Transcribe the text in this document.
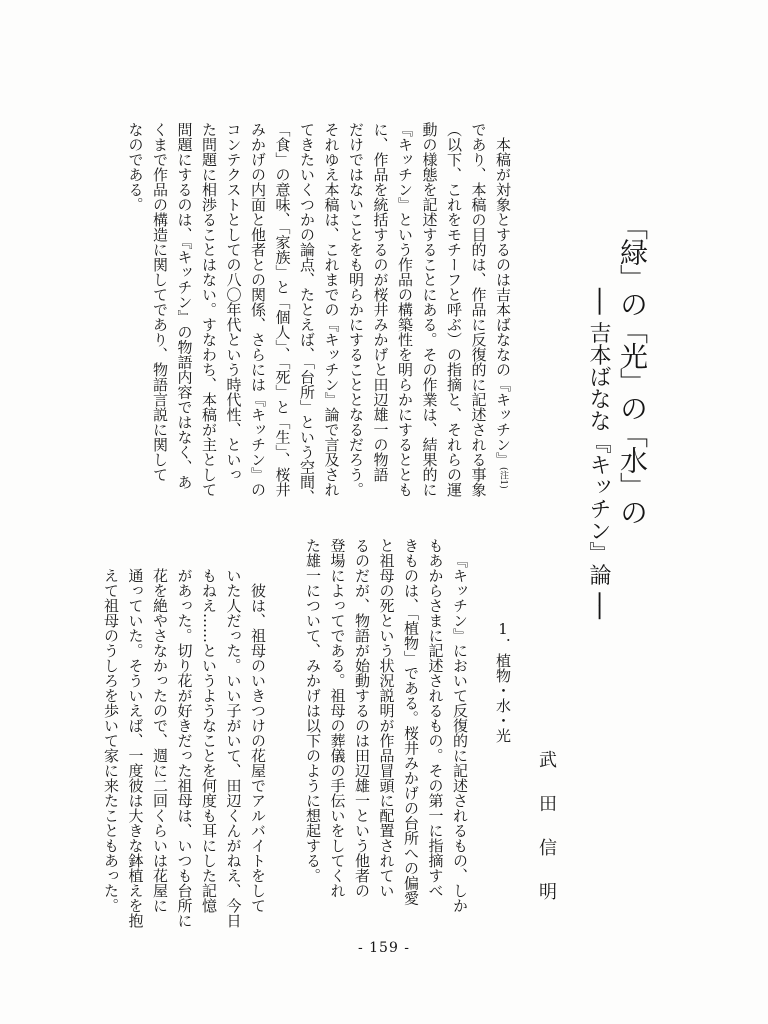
「緑」の「光」の「水」の
── 吉本ばなな『キッチン』論 ──
武田信明
本稿が対象とするのは吉本ばななの『キッチン』(注1)
であり、本稿の目的は、作品に反復的に記述される事象
（以下、これをモチーフと呼ぶ）の指摘と、それらの運
動の様態を記述することにある。その作業は、結果的に
『キッチン』という作品の構築性を明らかにするととも
に、作品を統括するのが桜井みかげと田辺雄一の物語
だけではないことをも明らかにすることとなるだろう。
それゆえ本稿は、これまでの『キッチン』論で言及され
てきたいくつかの論点、たとえば、「台所」という空間、
「食」の意味、「家族」と「個人」、「死」と「生」、桜井
みかげの内面と他者との関係、さらには『キッチン』の
コンテクストとしての八〇年代という時代性、といっ
た問題に相渉ることはない。すなわち、本稿が主として
問題にするのは、『キッチン』の物語内容ではなく、あ
くまで作品の構造に関してであり、物語言説に関して
なのである。
1．植物・水・光
『キッチン』において反復的に記述されるもの、しか
もあからさまに記述されるもの。その第一に指摘すべ
きものは、「植物」である。桜井みかげの台所への偏愛
と祖母の死という状況説明が作品冒頭に配置されてい
るのだが、物語が始動するのは田辺雄一という他者の
登場によってである。祖母の葬儀の手伝いをしてくれ
た雄一について、みかげは以下のように想起する。
彼は、祖母のいきつけの花屋でアルバイトをして
いた人だった。いい子がいて、田辺くんがねえ、今日
もねえ……というようなことを何度も耳にした記憶
があった。切り花が好きだった祖母は、いつも台所に
花を絶やさなかったので、週に二回くらいは花屋に
通っていた。そういえば、一度彼は大きな鉢植えを抱
えて祖母のうしろを歩いて家に来たこともあった。
- 159 -
